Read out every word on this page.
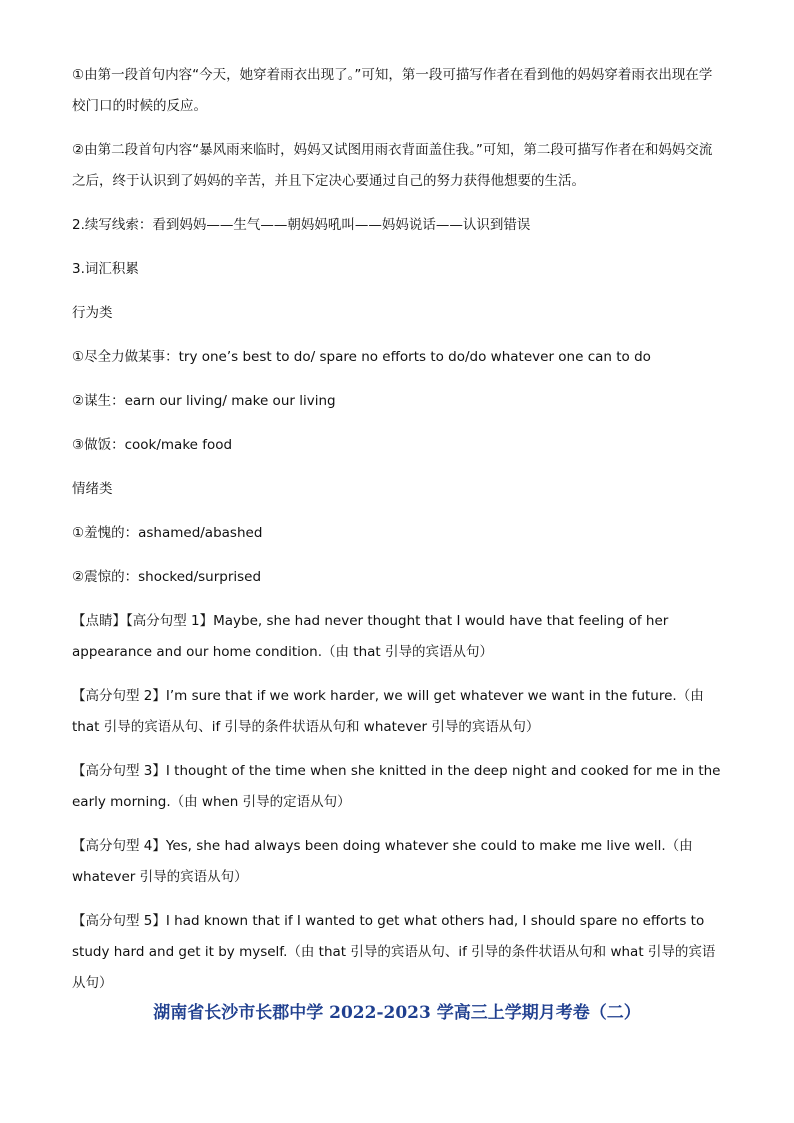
①由第一段首句内容“今天，她穿着雨衣出现了。”可知，第一段可描写作者在看到他的妈妈穿着雨衣出现在学校门口的时候的反应。

②由第二段首句内容“暴风雨来临时，妈妈又试图用雨衣背面盖住我。”可知，第二段可描写作者在和妈妈交流之后，终于认识到了妈妈的辛苦，并且下定决心要通过自己的努力获得他想要的生活。

2.续写线索：看到妈妈——生气——朝妈妈吼叫——妈妈说话——认识到错误

3.词汇积累

行为类

①尽全力做某事：try one’s best to do/ spare no efforts to do/do whatever one can to do

②谋生：earn our living/ make our living

③做饭：cook/make food

情绪类

①羞愧的：ashamed/abashed

②震惊的：shocked/surprised

【点睛】【高分句型 1】Maybe, she had never thought that I would have that feeling of her appearance and our home condition.（由 that 引导的宾语从句）

【高分句型 2】I’m sure that if we work harder, we will get whatever we want in the future.（由 that 引导的宾语从句、if 引导的条件状语从句和 whatever 引导的宾语从句）

【高分句型 3】I thought of the time when she knitted in the deep night and cooked for me in the early morning.（由 when 引导的定语从句）

【高分句型 4】Yes, she had always been doing whatever she could to make me live well.（由 whatever 引导的宾语从句）

【高分句型 5】I had known that if I wanted to get what others had, I should spare no efforts to study hard and get it by myself.（由 that 引导的宾语从句、if 引导的条件状语从句和 what 引导的宾语从句）

湖南省长沙市长郡中学 2022-2023 学高三上学期月考卷（二）
